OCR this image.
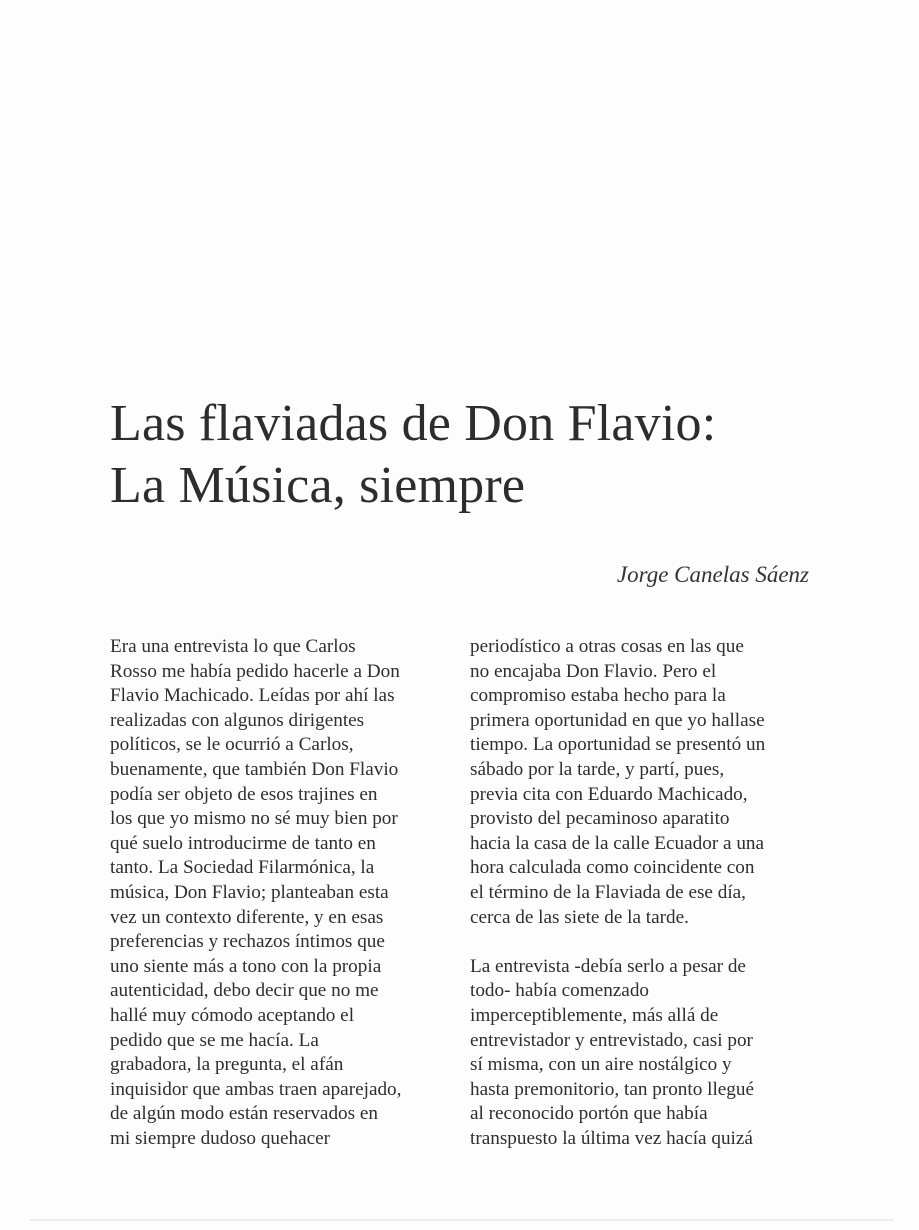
Las flaviadas de Don Flavio:
La Música, siempre

Jorge Canelas Sáenz

Era una entrevista lo que Carlos
Rosso me había pedido hacerle a Don
Flavio Machicado. Leídas por ahí las
realizadas con algunos dirigentes
políticos, se le ocurrió a Carlos,
buenamente, que también Don Flavio
podía ser objeto de esos trajines en
los que yo mismo no sé muy bien por
qué suelo introducirme de tanto en
tanto. La Sociedad Filarmónica, la
música, Don Flavio; planteaban esta
vez un contexto diferente, y en esas
preferencias y rechazos íntimos que
uno siente más a tono con la propia
autenticidad, debo decir que no me
hallé muy cómodo aceptando el
pedido que se me hacía. La
grabadora, la pregunta, el afán
inquisidor que ambas traen aparejado,
de algún modo están reservados en
mi siempre dudoso quehacer
periodístico a otras cosas en las que
no encajaba Don Flavio. Pero el
compromiso estaba hecho para la
primera oportunidad en que yo hallase
tiempo. La oportunidad se presentó un
sábado por la tarde, y partí, pues,
previa cita con Eduardo Machicado,
provisto del pecaminoso aparatito
hacia la casa de la calle Ecuador a una
hora calculada como coincidente con
el término de la Flaviada de ese día,
cerca de las siete de la tarde.
La entrevista -debía serlo a pesar de
todo- había comenzado
imperceptiblemente, más allá de
entrevistador y entrevistado, casi por
sí misma, con un aire nostálgico y
hasta premonitorio, tan pronto llegué
al reconocido portón que había
transpuesto la última vez hacía quizá
